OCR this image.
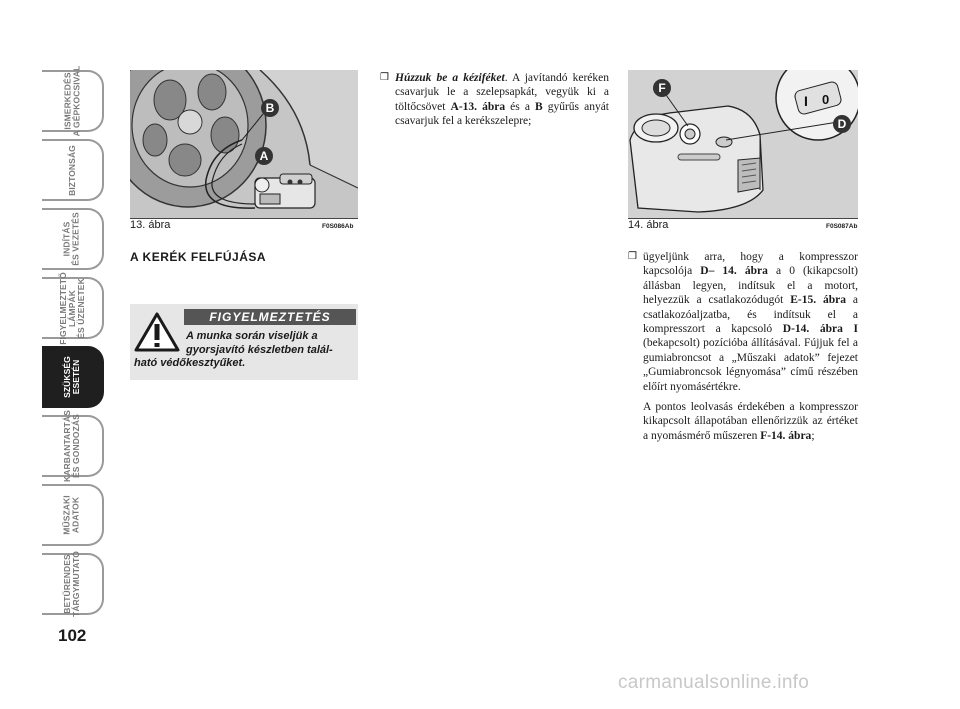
ISMERKEDÉS
A GÉPKOCSIVAL
BIZTONSÁG
INDÍTÁS
ÉS VEZETÉS
FIGYELMEZTETŐ
LÁMPÁK
ÉS ÜZENETEK
SZÜKSÉG
ESETÉN
KARBANTARTÁS
ÉS GONDOZÁS
MŰSZAKI
ADATOK
BETŰRENDES
TÁRGYMUTATÓ
102
B
A
13. ábra	F0S086Ab
A KERÉK FELFÚJÁSA
FIGYELMEZTETÉS
A munka során viseljük a
gyorsjavító készletben talál-
ható védőkesztyűket.
❒ Húzzuk be a kéziféket. A javítandó keréken csavarjuk le a szelepsapkát, vegyük ki a töltőcsövet A-13. ábra és a B gyűrűs anyát csavarjuk fel a kerékszelepre;

I 0
F
D
14. ábra	F0S087Ab
❒ ügyeljünk arra, hogy a kompresszor kapcsolója D– 14. ábra a 0 (kikapcsolt) állásban legyen, indítsuk el a motort, helyezzük a csatlakozódugót E-15. ábra a csatlakozóaljzatba, és indítsuk el a kompresszort a kapcsoló D-14. ábra I (bekapcsolt) pozícióba állításával. Fújjuk fel a gumiabroncsot a „Műszaki adatok” fejezet „Gumiabroncsok légnyomása” című részében előírt nyomásértékre.

A pontos leolvasás érdekében a kompresszor kikapcsolt állapotában ellenőrizzük az értéket a nyomásmérő műszeren F-14. ábra;

carmanualsonline.info
